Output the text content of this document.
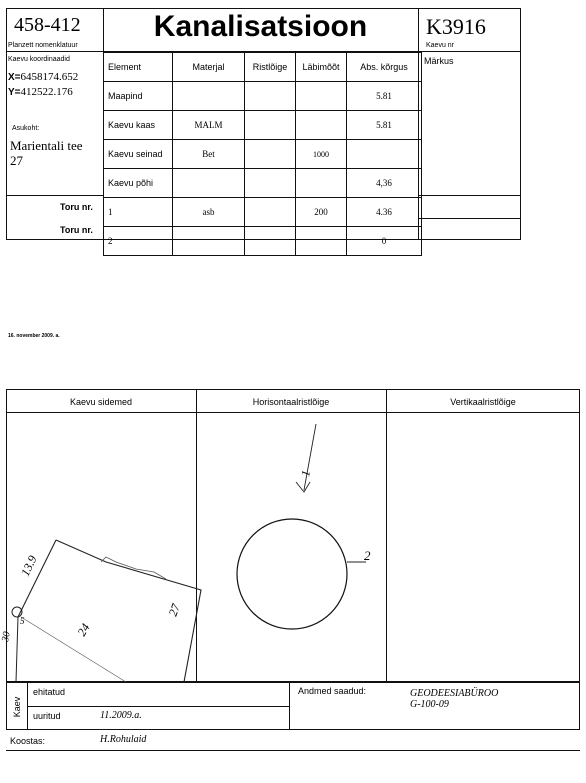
458-412
Planzett nomenklatuur
Kanalisatsioon	K3916
Kaevu nr
Kaevu koordinaadid
X=6458174.652
Y=412522.176
Asukoht:
Marientali tee
27
Märkus
Element	Materjal	Ristlõige	Läbimõõt	Abs. kõrgus
Maapind				5.81
Kaevu kaas	MALM			5.81
Kaevu seinad	Bet		1000	
Kaevu põhi				4,36
1	asb		200	4.36
2				0
Toru nr.
Toru nr.
16. november 2009. a.
Kaevu sidemed	Horisontaalristlõige	Vertikaalristlõige
13.9
24
27
30
5
1
2
Kaev
ehitatud
uuritud	11.2009.a.
Andmed saadud:	GEODEESIABÜROO
G-100-09
Koostas:	H.Rohulaid
